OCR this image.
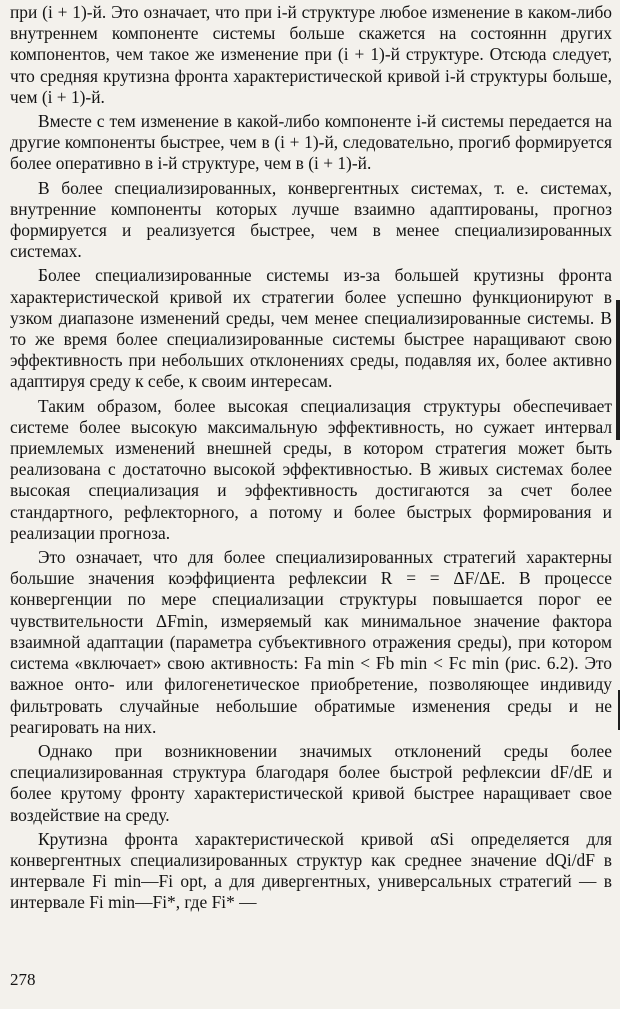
при (i + 1)-й. Это означает, что при i-й структуре любое изменение в каком-либо внутреннем компоненте системы больше скажется на состояннн других компонентов, чем такое же изменение при (i + 1)-й структуре. Отсюда следует, что средняя крутизна фронта характеристической кривой i-й структуры больше, чем (i + 1)-й.

Вместе с тем изменение в какой-либо компоненте i-й системы передается на другие компоненты быстрее, чем в (i + 1)-й, следовательно, прогиб формируется более оперативно в i-й структуре, чем в (i + 1)-й.

В более специализированных, конвергентных системах, т. е. системах, внутренние компоненты которых лучше взаимно адаптированы, прогноз формируется и реализуется быстрее, чем в менее специализированных системах.

Более специализированные системы из-за большей крутизны фронта характеристической кривой их стратегии более успешно функционируют в узком диапазоне изменений среды, чем менее специализированные системы. В то же время более специализированные системы быстрее наращивают свою эффективность при небольших отклонениях среды, подавляя их, более активно адаптируя среду к себе, к своим интересам.

Таким образом, более высокая специализация структуры обеспечивает системе более высокую максимальную эффективность, но сужает интервал приемлемых изменений внешней среды, в котором стратегия может быть реализована с достаточно высокой эффективностью. В живых системах более высокая специализация и эффективность достигаются за счет более стандартного, рефлекторного, а потому и более быстрых формирования и реализации прогноза.

Это означает, что для более специализированных стратегий характерны большие значения коэффициента рефлексии R = = ΔF/ΔE. В процессе конвергенции по мере специализации структуры повышается порог ее чувствительности ΔFmin, измеряемый как минимальное значение фактора взаимной адаптации (параметра субъективного отражения среды), при котором система «включает» свою активность: Fa min < Fb min < Fc min (рис. 6.2). Это важное онто- или филогенетическое приобретение, позволяющее индивиду фильтровать случайные небольшие обратимые изменения среды и не реагировать на них.

Однако при возникновении значимых отклонений среды более специализированная структура благодаря более быстрой рефлексии dF/dE и более крутому фронту характеристической кривой быстрее наращивает свое воздействие на среду.

Крутизна фронта характеристической кривой αSi определяется для конвергентных специализированных структур как среднее значение dQi/dF в интервале Fi min—Fi opt, а для дивергентных, универсальных стратегий — в интервале Fi min—Fi*, где Fi* —

278
